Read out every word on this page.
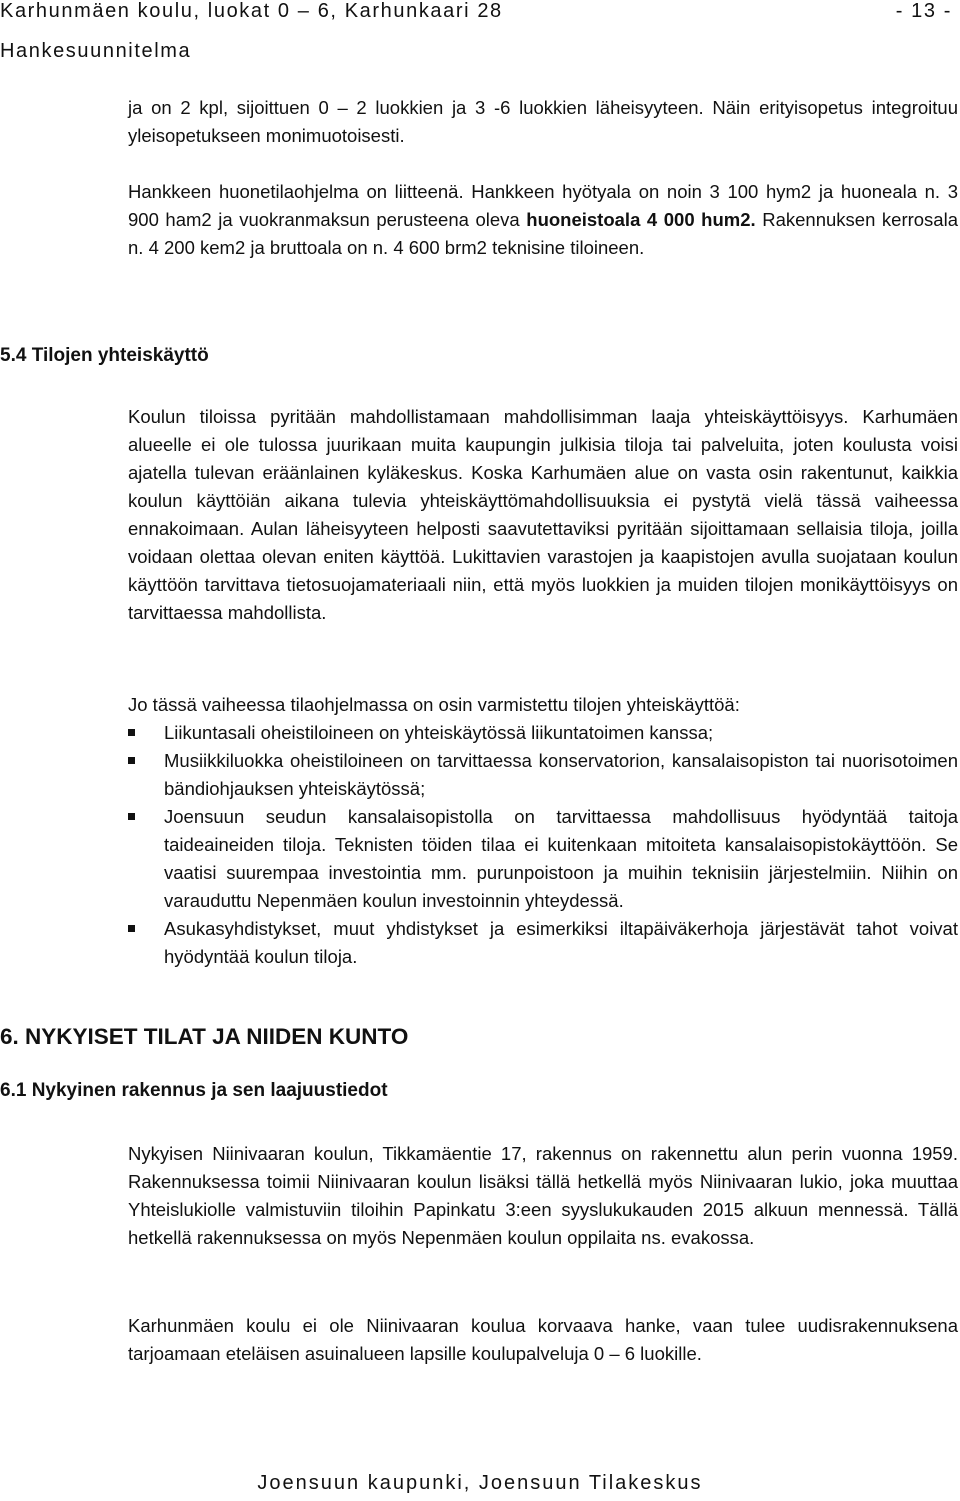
Karhunmäen koulu, luokat 0 – 6, Karhunkaari 28
Hankesuunnitelma
- 13 -

ja on 2 kpl, sijoittuen 0 – 2 luokkien ja 3 -6 luokkien läheisyyteen. Näin erityisopetus integroituu yleisopetukseen monimuotoisesti.

Hankkeen huonetilaohjelma on liitteenä. Hankkeen hyötyala on noin 3 100 hym2 ja huoneala n. 3 900 ham2 ja vuokranmaksun perusteena oleva huoneistoala 4 000 hum2. Rakennuksen kerrosala n. 4 200 kem2 ja bruttoala on n. 4 600 brm2 teknisine tiloineen.

5.4 Tilojen yhteiskäyttö

Koulun tiloissa pyritään mahdollistamaan mahdollisimman laaja yhteiskäyttöisyys. Karhumäen alueelle ei ole tulossa juurikaan muita kaupungin julkisia tiloja tai palveluita, joten koulusta voisi ajatella tulevan eräänlainen kyläkeskus. Koska Karhumäen alue on vasta osin rakentunut, kaikkia koulun käyttöiän aikana tulevia yhteiskäyttömahdollisuuksia ei pystytä vielä tässä vaiheessa ennakoimaan. Aulan läheisyyteen helposti saavutettaviksi pyritään sijoittamaan sellaisia tiloja, joilla voidaan olettaa olevan eniten käyttöä. Lukittavien varastojen ja kaapistojen avulla suojataan koulun käyttöön tarvittava tietosuojamateriaali niin, että myös luokkien ja muiden tilojen monikäyttöisyys on tarvittaessa mahdollista.

Jo tässä vaiheessa tilaohjelmassa on osin varmistettu tilojen yhteiskäyttöä:

Liikuntasali oheistiloineen on yhteiskäytössä liikuntatoimen kanssa;
Musiikkiluokka oheistiloineen on tarvittaessa konservatorion, kansalaisopiston tai nuorisotoimen bändiohjauksen yhteiskäytössä;
Joensuun seudun kansalaisopistolla on tarvittaessa mahdollisuus hyödyntää taitoja taideaineiden tiloja. Teknisten töiden tilaa ei kuitenkaan mitoiteta kansalaisopistokäyttöön. Se vaatisi suurempaa investointia mm. purunpoistoon ja muihin teknisiin järjestelmiin. Niihin on varauduttu Nepenmäen koulun investoinnin yhteydessä.
Asukasyhdistykset, muut yhdistykset ja esimerkiksi iltapäiväkerhoja järjestävät tahot voivat hyödyntää koulun tiloja.
6. NYKYISET TILAT JA NIIDEN KUNTO
6.1 Nykyinen rakennus ja sen laajuustiedot

Nykyisen Niinivaaran koulun, Tikkamäentie 17, rakennus on rakennettu alun perin vuonna 1959. Rakennuksessa toimii Niinivaaran koulun lisäksi tällä hetkellä myös Niinivaaran lukio, joka muuttaa Yhteislukiolle valmistuviin tiloihin Papinkatu 3:een syyslukukauden 2015 alkuun mennessä. Tällä hetkellä rakennuksessa on myös Nepenmäen koulun oppilaita ns. evakossa.

Karhunmäen koulu ei ole Niinivaaran koulua korvaava hanke, vaan tulee uudisrakennuksena tarjoamaan eteläisen asuinalueen lapsille koulupalveluja 0 – 6 luokille.

Joensuun kaupunki, Joensuun Tilakeskus
